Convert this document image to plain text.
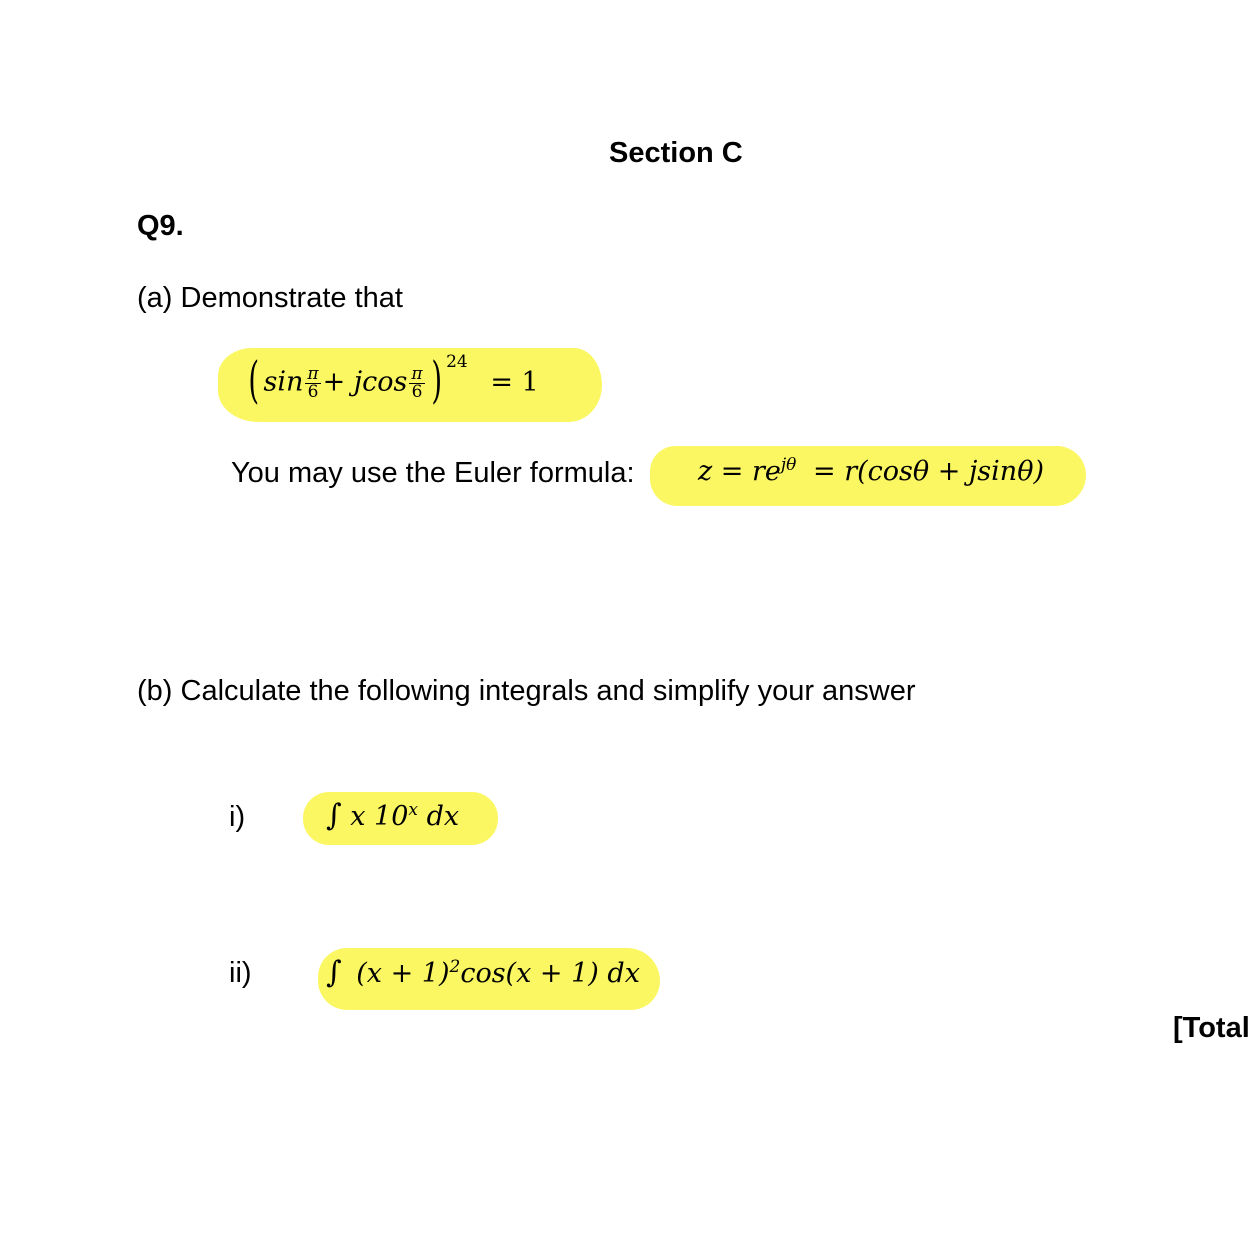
Section C
Q9.
(a) Demonstrate that
( $\sin \frac{\pi}{6} + jcos \frac{\pi}{6}$ ) $^{24}$ = 1
You may use the Euler formula: $z = re^{j\theta} = r(\cos\theta + jsin\theta)$
(b) Calculate the following integrals and simplify your answer
i)	∫ x 10$^x$ dx
ii) ∫ $(x + 1)^2\cos(x + 1)$ dx
[Total
